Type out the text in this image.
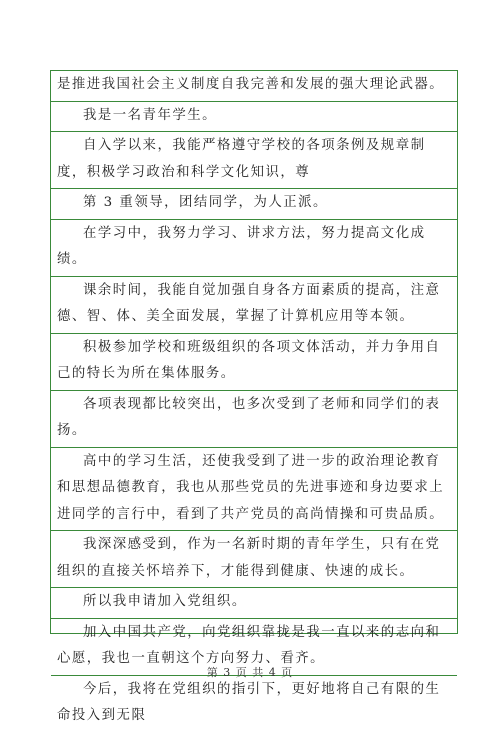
是推进我国社会主义制度自我完善和发展的强大理论武器。
我是一名青年学生。
自入学以来，我能严格遵守学校的各项条例及规章制度，积极学习政治和科学文化知识，尊
第 3 重领导，团结同学，为人正派。
在学习中，我努力学习、讲求方法，努力提高文化成绩。
课余时间，我能自觉加强自身各方面素质的提高，注意德、智、体、美全面发展，掌握了计算机应用等本领。
积极参加学校和班级组织的各项文体活动，并力争用自己的特长为所在集体服务。
各项表现都比较突出，也多次受到了老师和同学们的表扬。
高中的学习生活，还使我受到了进一步的政治理论教育和思想品德教育，我也从那些党员的先进事迹和身边要求上进同学的言行中，看到了共产党员的高尚情操和可贵品质。
我深深感受到，作为一名新时期的青年学生，只有在党组织的直接关怀培养下，才能得到健康、快速的成长。
所以我申请加入党组织。
加入中国共产党，向党组织靠拢是我一直以来的志向和心愿，我也一直朝这个方向努力、看齐。
今后，我将在党组织的指引下，更好地将自己有限的生命投入到无限
第 3 页 共 4 页
